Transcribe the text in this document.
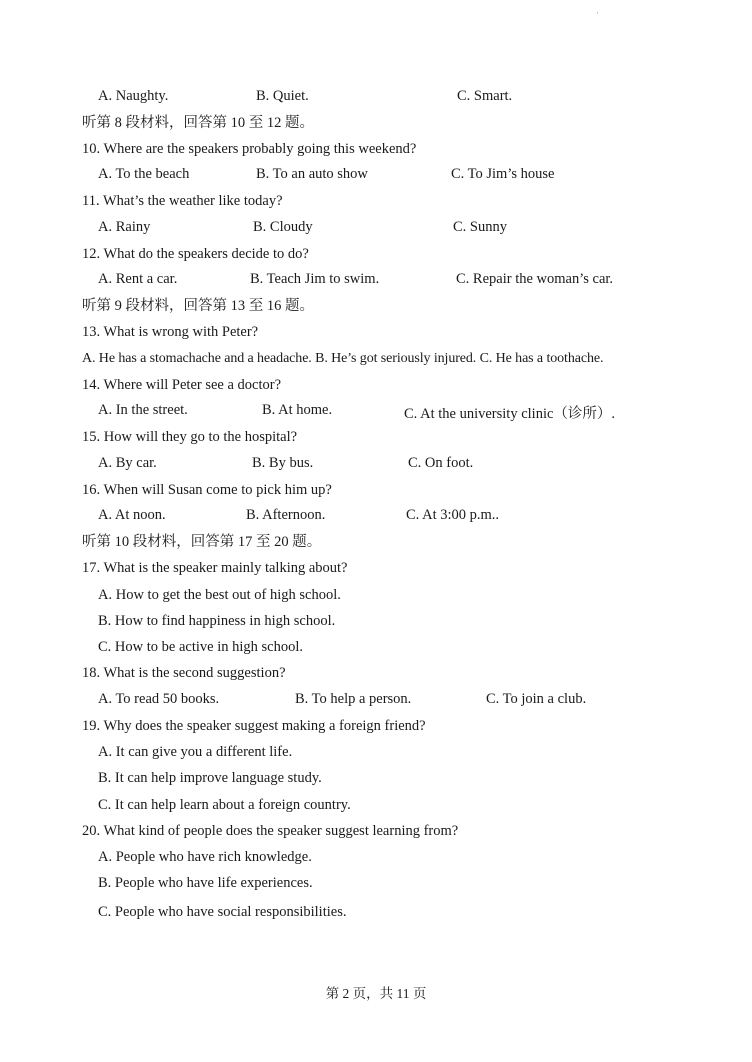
·
A. Naughty.	B. Quiet.	C. Smart.
听第 8 段材料，回答第 10 至 12 题。
10. Where are the speakers probably going this weekend?
A. To the beach	B. To an auto show	C. To Jim’s house
11. What’s the weather like today?
A. Rainy	B. Cloudy	C. Sunny
12. What do the speakers decide to do?
A. Rent a car.	B. Teach Jim to swim.	C. Repair the woman’s car.
听第 9 段材料，回答第 13 至 16 题。
13. What is wrong with Peter?
A. He has a stomachache and a headache. B. He’s got seriously injured. C. He has a toothache.
14. Where will Peter see a doctor?
A. In the street.	B. At home.	C. At the university clinic（诊所）.
15. How will they go to the hospital?
A. By car.	B. By bus.	C. On foot.
16. When will Susan come to pick him up?
A. At noon.	B. Afternoon.	C. At 3:00 p.m..
听第 10 段材料，回答第 17 至 20 题。
17. What is the speaker mainly talking about?
A. How to get the best out of high school.
B. How to find happiness in high school.
C. How to be active in high school.
18. What is the second suggestion?
A. To read 50 books.	B. To help a person.	C. To join a club.
19. Why does the speaker suggest making a foreign friend?
A. It can give you a different life.
B. It can help improve language study.
C. It can help learn about a foreign country.
20. What kind of people does the speaker suggest learning from?
A. People who have rich knowledge.
B. People who have life experiences.
C. People who have social responsibilities.
第 2 页，共 11 页
